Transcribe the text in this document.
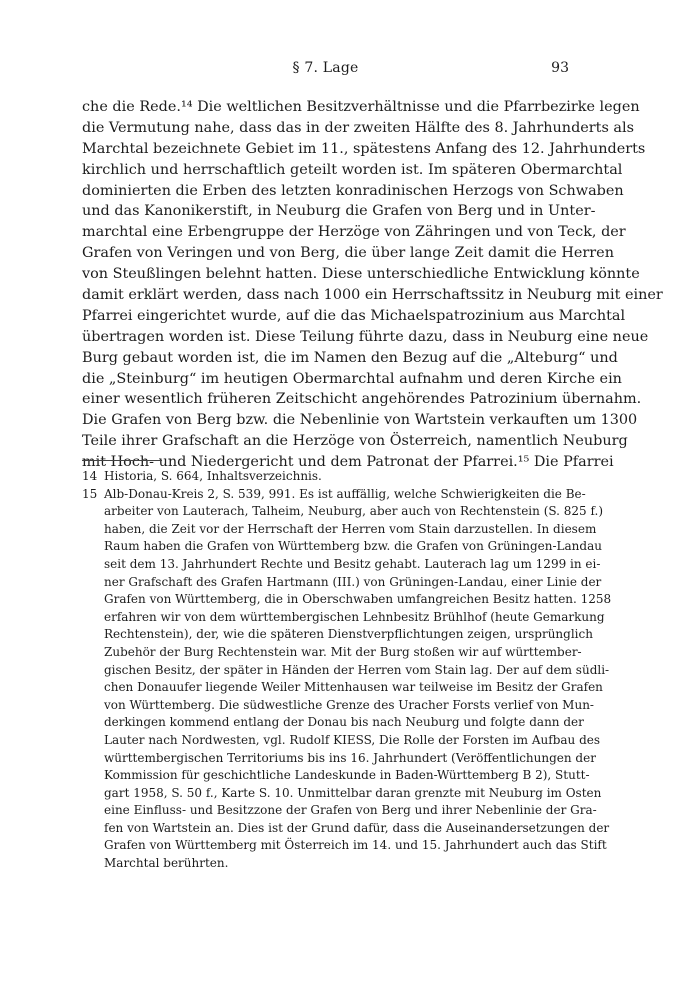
§ 7. Lage	93
che die Rede.¹⁴ Die weltlichen Besitzverhältnisse und die Pfarrbezirke legen
die Vermutung nahe, dass das in der zweiten Hälfte des 8. Jahrhunderts als
Marchtal bezeichnete Gebiet im 11., spätestens Anfang des 12. Jahrhunderts
kirchlich und herrschaftlich geteilt worden ist. Im späteren Obermarchtal
dominierten die Erben des letzten konradinischen Herzogs von Schwaben
und das Kanonikerstift, in Neuburg die Grafen von Berg und in Unter-
marchtal eine Erbengruppe der Herzöge von Zähringen und von Teck, der
Grafen von Veringen und von Berg, die über lange Zeit damit die Herren
von Steußlingen belehnt hatten. Diese unterschiedliche Entwicklung könnte
damit erklärt werden, dass nach 1000 ein Herrschaftssitz in Neuburg mit einer
Pfarrei eingerichtet wurde, auf die das Michaelspatrozinium aus Marchtal
übertragen worden ist. Diese Teilung führte dazu, dass in Neuburg eine neue
Burg gebaut worden ist, die im Namen den Bezug auf die „Alteburg“ und
die „Steinburg“ im heutigen Obermarchtal aufnahm und deren Kirche ein
einer wesentlich früheren Zeitschicht angehörendes Patrozinium übernahm.
Die Grafen von Berg bzw. die Nebenlinie von Wartstein verkauften um 1300
Teile ihrer Grafschaft an die Herzöge von Österreich, namentlich Neuburg
mit Hoch- und Niedergericht und dem Patronat der Pfarrei.¹⁵ Die Pfarrei
14 Historia, S. 664, Inhaltsverzeichnis.
15 Alb-Donau-Kreis 2, S. 539, 991. Es ist auffällig, welche Schwierigkeiten die Be-
arbeiter von Lauterach, Talheim, Neuburg, aber auch von Rechtenstein (S. 825 f.)
haben, die Zeit vor der Herrschaft der Herren vom Stain darzustellen. In diesem
Raum haben die Grafen von Württemberg bzw. die Grafen von Grüningen-Landau
seit dem 13. Jahrhundert Rechte und Besitz gehabt. Lauterach lag um 1299 in ei-
ner Grafschaft des Grafen Hartmann (III.) von Grüningen-Landau, einer Linie der
Grafen von Württemberg, die in Oberschwaben umfangreichen Besitz hatten. 1258
erfahren wir von dem württembergischen Lehnbesitz Brühlhof (heute Gemarkung
Rechtenstein), der, wie die späteren Dienstverpflichtungen zeigen, ursprünglich
Zubehör der Burg Rechtenstein war. Mit der Burg stoßen wir auf württember-
gischen Besitz, der später in Händen der Herren vom Stain lag. Der auf dem südli-
chen Donauufer liegende Weiler Mittenhausen war teilweise im Besitz der Grafen
von Württemberg. Die südwestliche Grenze des Uracher Forsts verlief von Mun-
derkingen kommend entlang der Donau bis nach Neuburg und folgte dann der
Lauter nach Nordwesten, vgl. Rudolf KIESS, Die Rolle der Forsten im Aufbau des
württembergischen Territoriums bis ins 16. Jahrhundert (Veröffentlichungen der
Kommission für geschichtliche Landeskunde in Baden-Württemberg B 2), Stutt-
gart 1958, S. 50 f., Karte S. 10. Unmittelbar daran grenzte mit Neuburg im Osten
eine Einfluss- und Besitzzone der Grafen von Berg und ihrer Nebenlinie der Gra-
fen von Wartstein an. Dies ist der Grund dafür, dass die Auseinandersetzungen der
Grafen von Württemberg mit Österreich im 14. und 15. Jahrhundert auch das Stift
Marchtal berührten.
